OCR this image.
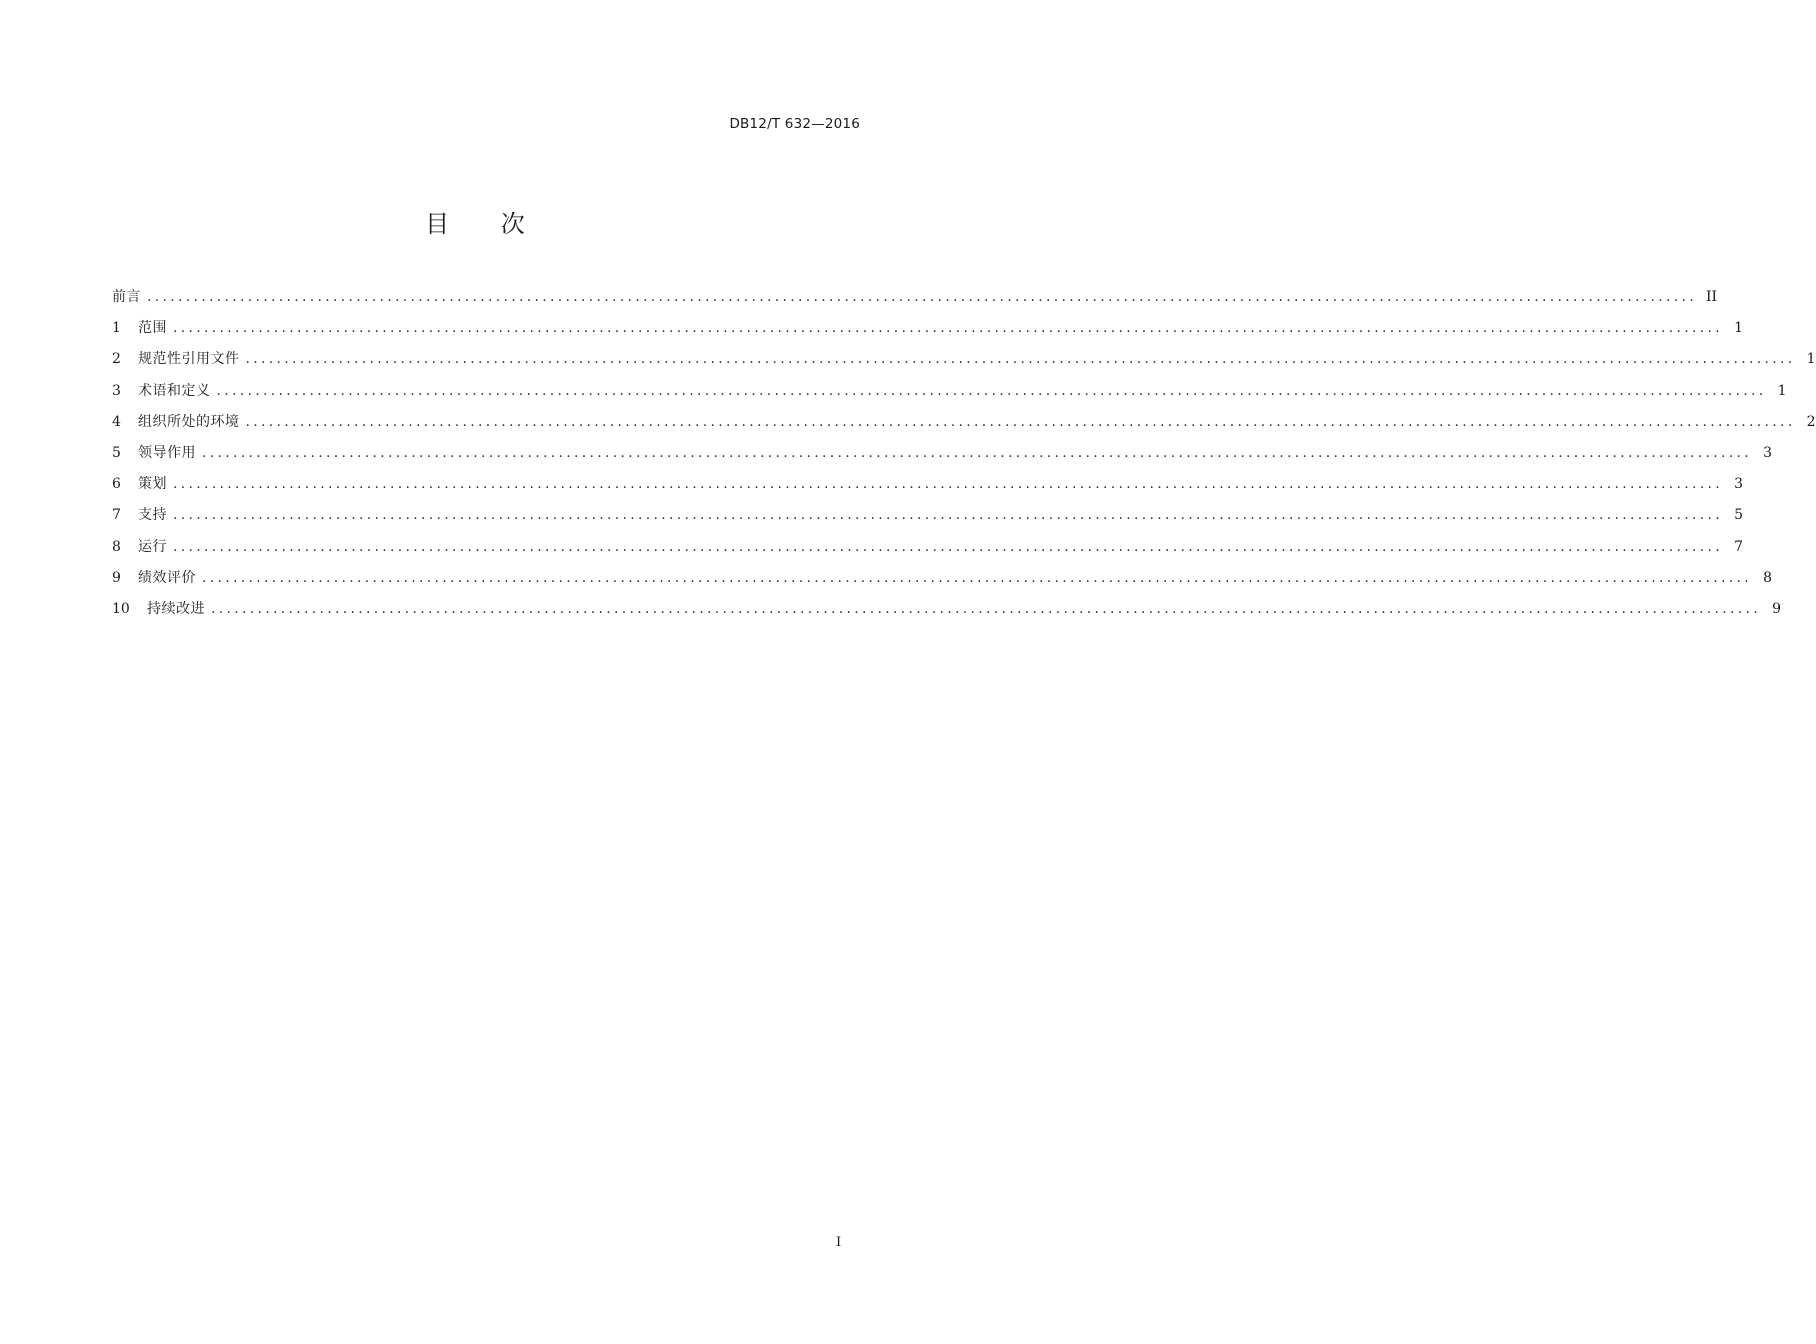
DB12/T 632—2016
目 次
前言 ........................................................................................................................................................................................................ II
1	范围 ........................................................................................................................................................................................................ 1
2	规范性引用文件 ........................................................................................................................................................................................................ 1
3	术语和定义 ........................................................................................................................................................................................................ 1
4	组织所处的环境 ........................................................................................................................................................................................................ 2
5	领导作用 ........................................................................................................................................................................................................ 3
6	策划 ........................................................................................................................................................................................................ 3
7	支持 ........................................................................................................................................................................................................ 5
8	运行 ........................................................................................................................................................................................................ 7
9	绩效评价 ........................................................................................................................................................................................................ 8
10	持续改进 ........................................................................................................................................................................................................ 9
I
